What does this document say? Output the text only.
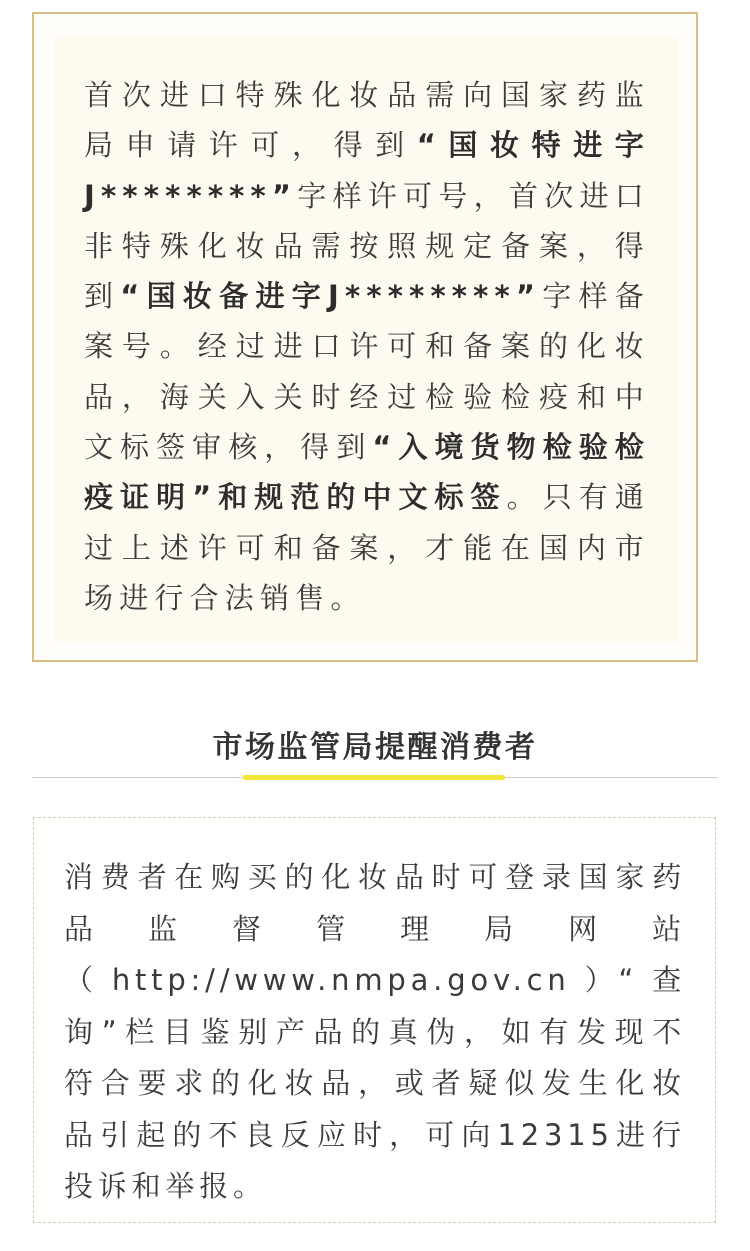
首次进口特殊化妆品需向国家药监
局申请许可，得到“国妆特进字
J********”字样许可号，首次进口
非特殊化妆品需按照规定备案，得
到“国妆备进字J********”字样备
案号。经过进口许可和备案的化妆
品，海关入关时经过检验检疫和中
文标签审核，得到“入境货物检验检
疫证明”和规范的中文标签。只有通
过上述许可和备案，才能在国内市
场进行合法销售。
市场监管局提醒消费者
消费者在购买的化妆品时可登录国家药
品　监　督　管　理　局　网　站
（ http://www.nmpa.gov.cn ）“ 查
询”栏目鉴别产品的真伪，如有发现不
符合要求的化妆品，或者疑似发生化妆
品引起的不良反应时，可向12315进行
投诉和举报。
